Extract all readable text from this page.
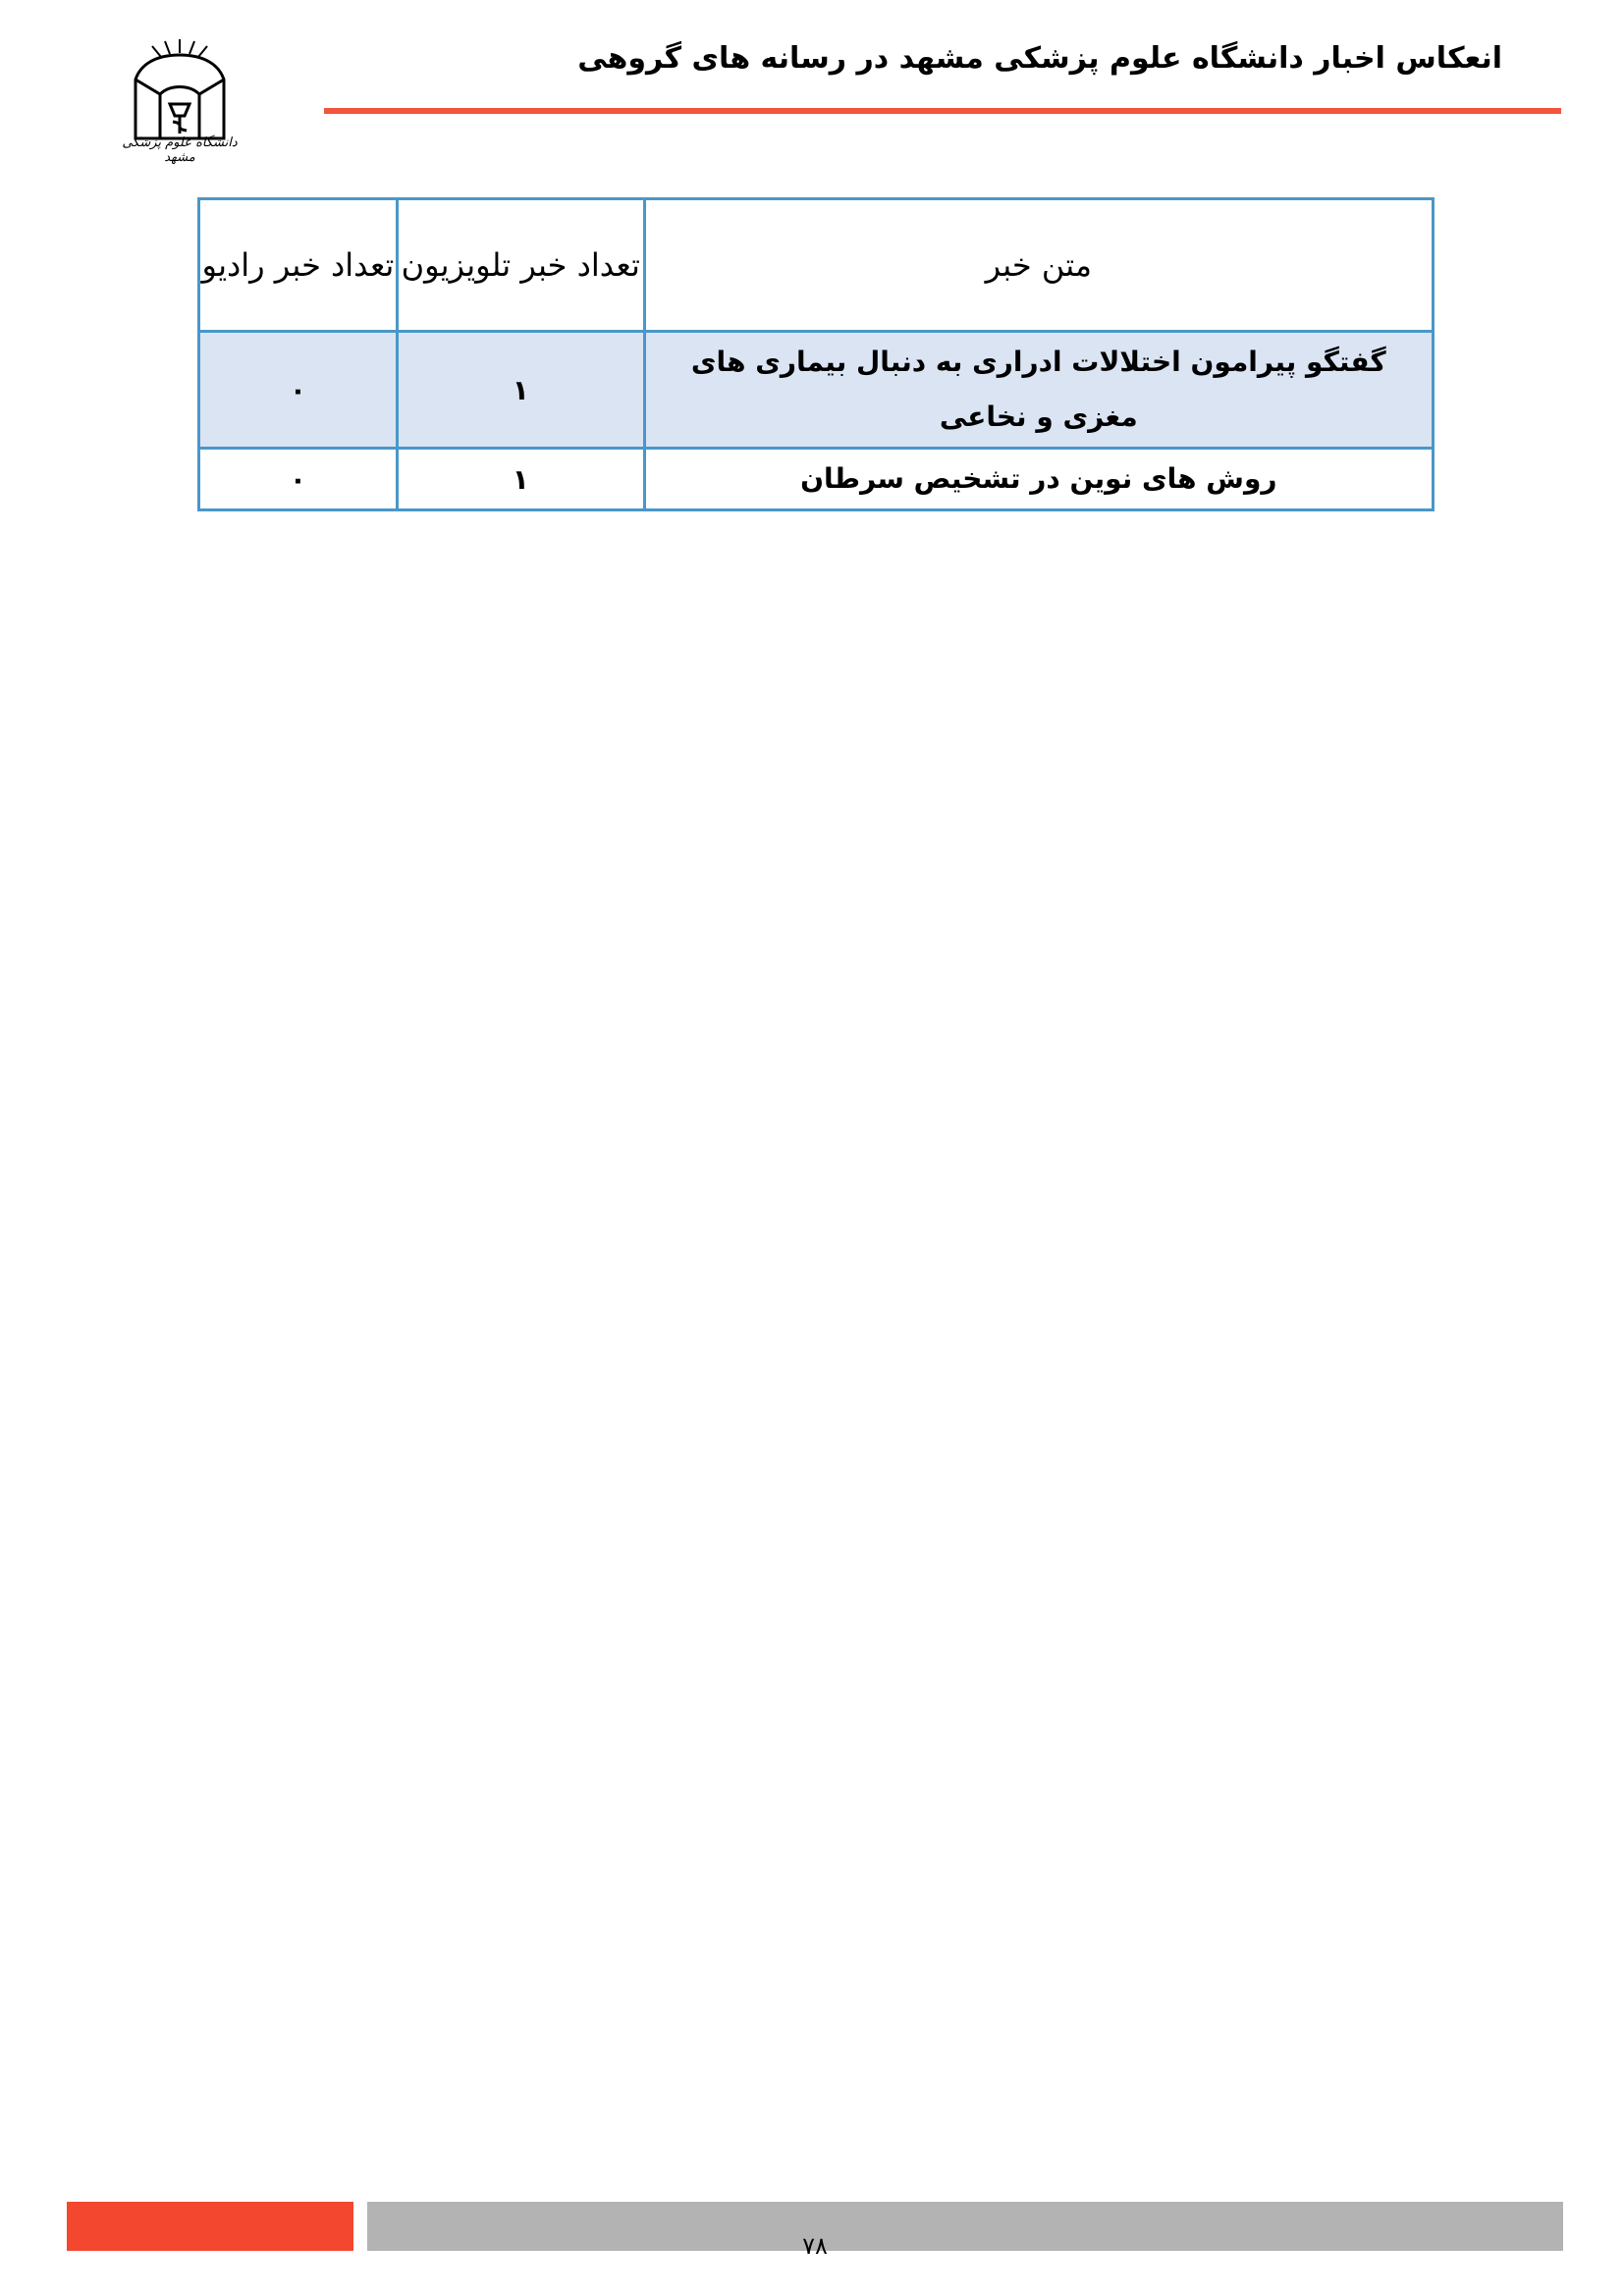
انعکاس اخبار دانشگاه علوم پزشکی مشهد در رسانه های گروهی
دانشگاه علوم پزشکی مشهد
متن خبر	تعداد خبر تلویزیون	تعداد خبر رادیو
گفتگو پیرامون اختلالات ادراری به دنبال بیماری های مغزی و نخاعی	۱	۰
روش های نوین در تشخیص سرطان	۱	۰
۷۸
